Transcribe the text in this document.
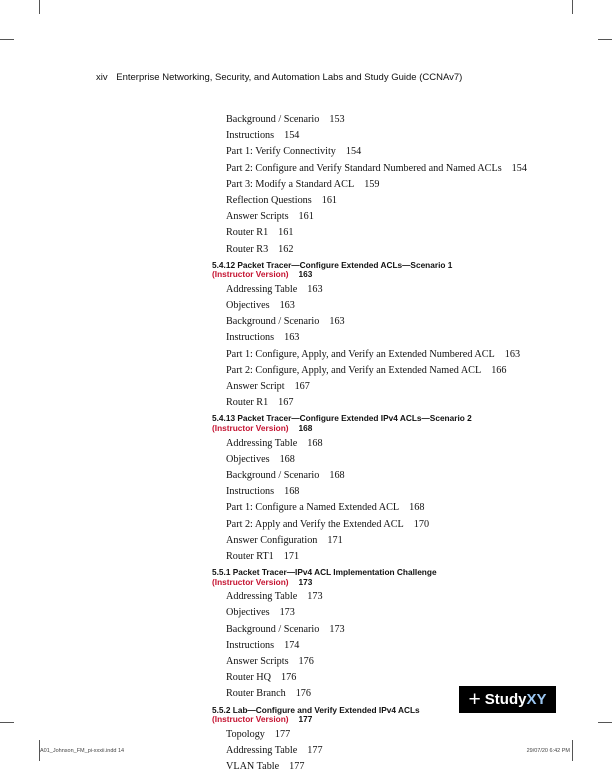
xiv Enterprise Networking, Security, and Automation Labs and Study Guide (CCNAv7)
Background / Scenario 153
Instructions 154
Part 1: Verify Connectivity 154
Part 2: Configure and Verify Standard Numbered and Named ACLs 154
Part 3: Modify a Standard ACL 159
Reflection Questions 161
Answer Scripts 161
Router R1 161
Router R3 162
5.4.12 Packet Tracer—Configure Extended ACLs—Scenario 1
(Instructor Version) 163
Addressing Table 163
Objectives 163
Background / Scenario 163
Instructions 163
Part 1: Configure, Apply, and Verify an Extended Numbered ACL 163
Part 2: Configure, Apply, and Verify an Extended Named ACL 166
Answer Script 167
Router R1 167
5.4.13 Packet Tracer—Configure Extended IPv4 ACLs—Scenario 2
(Instructor Version) 168
Addressing Table 168
Objectives 168
Background / Scenario 168
Instructions 168
Part 1: Configure a Named Extended ACL 168
Part 2: Apply and Verify the Extended ACL 170
Answer Configuration 171
Router RT1 171
5.5.1 Packet Tracer—IPv4 ACL Implementation Challenge
(Instructor Version) 173
Addressing Table 173
Objectives 173
Background / Scenario 173
Instructions 174
Answer Scripts 176
Router HQ 176
Router Branch 176
5.5.2 Lab—Configure and Verify Extended IPv4 ACLs
(Instructor Version) 177
Topology 177
Addressing Table 177
VLAN Table 177
+ StudyXY
A01_Johnson_FM_pi-xxxii.indd 14	29/07/20 6:42 PM
